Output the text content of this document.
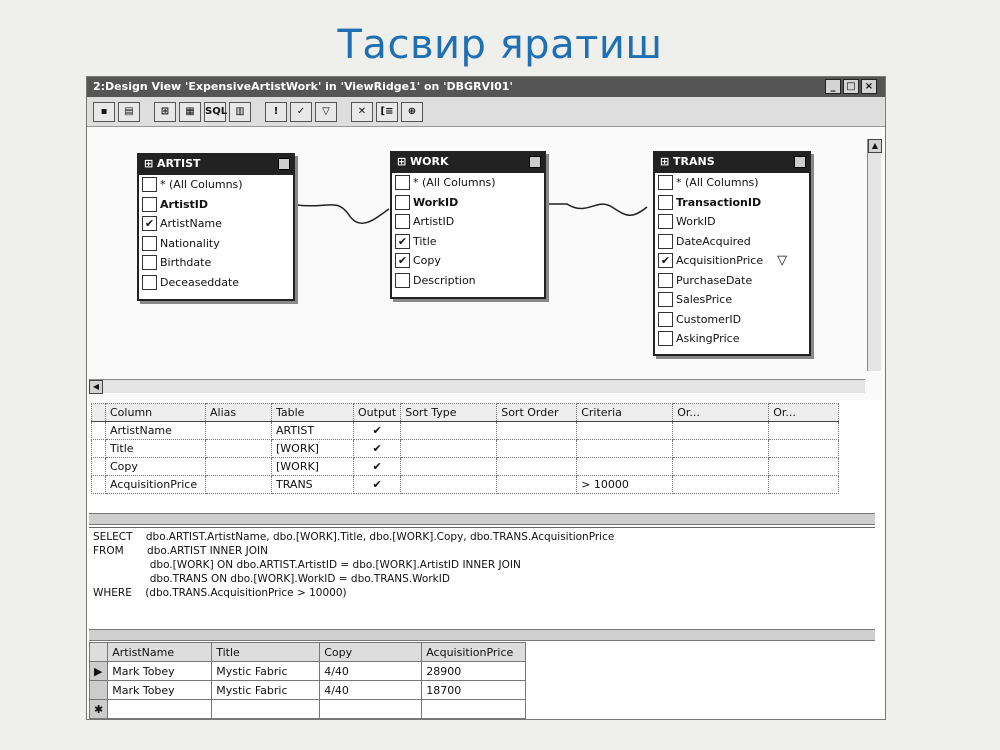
Тасвир яратиш
2:Design View 'ExpensiveArtistWork' in 'ViewRidge1' on 'DBGRVI01'	_	□ ×
▪	▤	⊞	▦	SQL ▥	!	✓	▽	✕	[≡	⊕
⊞ ARTIST
* (All Columns)
ArtistID
✔ ArtistName
Nationality
Birthdate
Deceaseddate
⊞ WORK
* (All Columns)
WorkID
ArtistID
✔ Title
✔ Copy
Description
⊞ TRANS
* (All Columns)
TransactionID
WorkID
DateAcquired
✔ AcquisitionPrice ▽
PurchaseDate
SalesPrice
CustomerID
AskingPrice
▲
◀
	Column	Alias	Table	Output	Sort Type	Sort Order	Criteria	Or...	Or...
	ArtistName		ARTIST	✔					
	Title		[WORK]	✔					
	Copy		[WORK]	✔					
	AcquisitionPrice		TRANS	✔			> 10000		
SELECT    dbo.ARTIST.ArtistName, dbo.[WORK].Title, dbo.[WORK].Copy, dbo.TRANS.AcquisitionPrice
FROM       dbo.ARTIST INNER JOIN
dbo.[WORK] ON dbo.ARTIST.ArtistID = dbo.[WORK].ArtistID INNER JOIN
dbo.TRANS ON dbo.[WORK].WorkID = dbo.TRANS.WorkID
WHERE    (dbo.TRANS.AcquisitionPrice > 10000)
	ArtistName	Title	Copy	AcquisitionPrice
▶	Mark Tobey	Mystic Fabric	4/40	28900
	Mark Tobey	Mystic Fabric	4/40	18700
✱				
